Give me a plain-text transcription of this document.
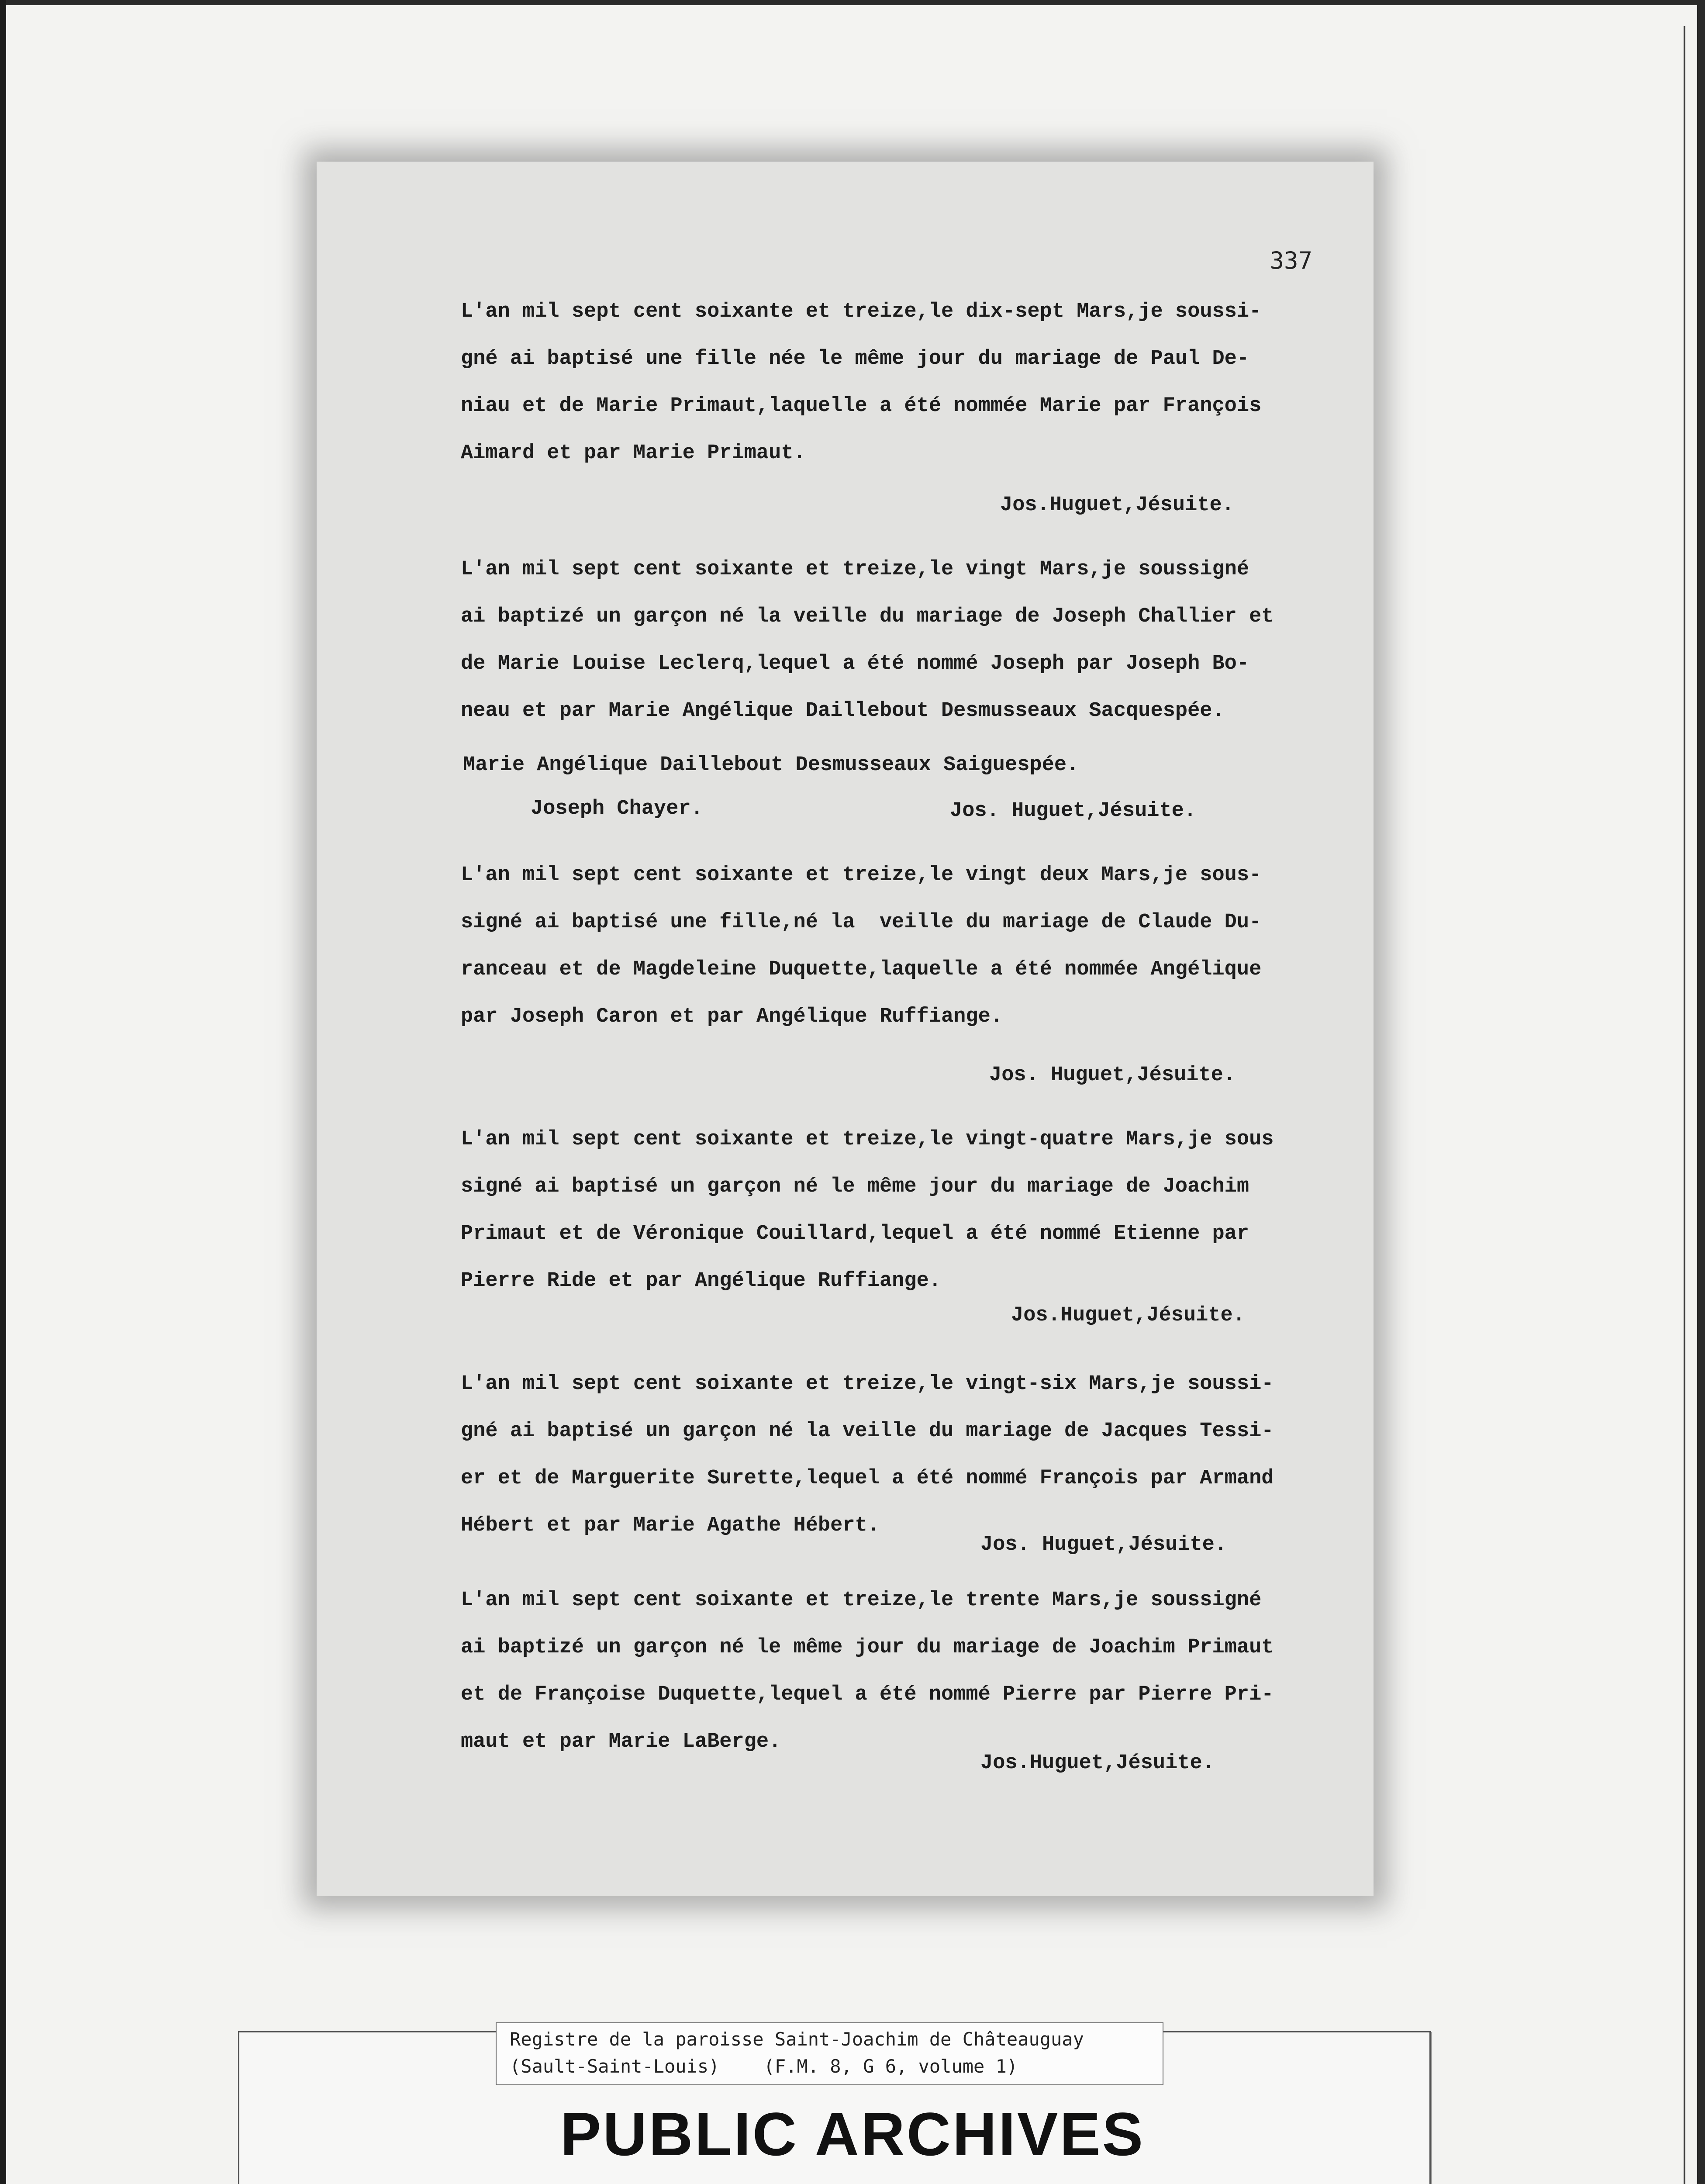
337
L'an mil sept cent soixante et treize,le dix-sept Mars,je soussi-
gné ai baptisé une fille née le même jour du mariage de Paul De-
niau et de Marie Primaut,laquelle a été nommée Marie par François
Aimard et par Marie Primaut.
Jos.Huguet,Jésuite.
L'an mil sept cent soixante et treize,le vingt Mars,je soussigné
ai baptizé un garçon né la veille du mariage de Joseph Challier et
de Marie Louise Leclerq,lequel a été nommé Joseph par Joseph Bo-
neau et par Marie Angélique Daillebout Desmusseaux Sacquespée.
Marie Angélique Daillebout Desmusseaux Saiguespée.
Joseph Chayer.	Jos. Huguet,Jésuite.
L'an mil sept cent soixante et treize,le vingt deux Mars,je sous-
signé ai baptisé une fille,né la  veille du mariage de Claude Du-
ranceau et de Magdeleine Duquette,laquelle a été nommée Angélique
par Joseph Caron et par Angélique Ruffiange.
Jos. Huguet,Jésuite.
L'an mil sept cent soixante et treize,le vingt-quatre Mars,je sous
signé ai baptisé un garçon né le même jour du mariage de Joachim
Primaut et de Véronique Couillard,lequel a été nommé Etienne par
Pierre Ride et par Angélique Ruffiange.
Jos.Huguet,Jésuite.
L'an mil sept cent soixante et treize,le vingt-six Mars,je soussi-
gné ai baptisé un garçon né la veille du mariage de Jacques Tessi-
er et de Marguerite Surette,lequel a été nommé François par Armand
Hébert et par Marie Agathe Hébert.
Jos. Huguet,Jésuite.
L'an mil sept cent soixante et treize,le trente Mars,je soussigné
ai baptizé un garçon né le même jour du mariage de Joachim Primaut
et de Françoise Duquette,lequel a été nommé Pierre par Pierre Pri-
maut et par Marie LaBerge.
Jos.Huguet,Jésuite.
Registre de la paroisse Saint-Joachim de Châteauguay
(Sault-Saint-Louis)    (F.M. 8, G 6, volume 1)
PUBLIC ARCHIVES
